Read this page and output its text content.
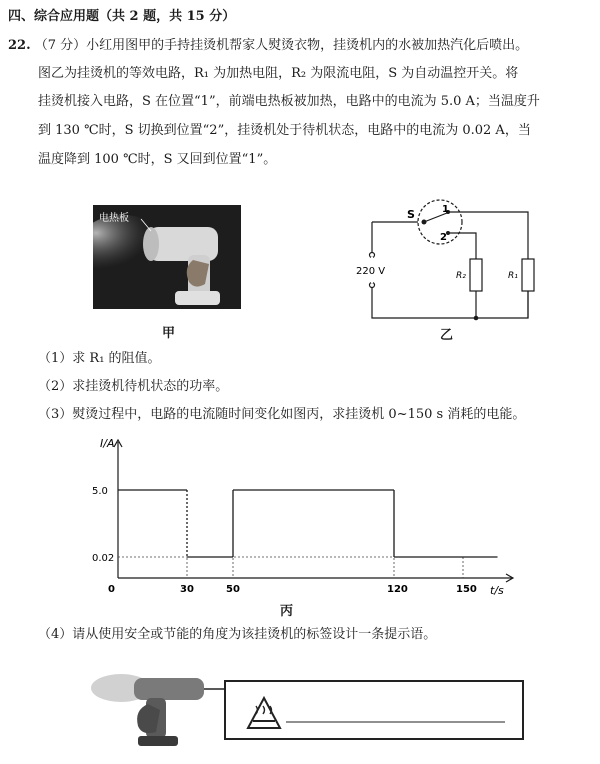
四、综合应用题（共 2 题，共 15 分）
22. （7 分）小红用图甲的手持挂烫机帮家人熨烫衣物，挂烫机内的水被加热汽化后喷出。
图乙为挂烫机的等效电路，R₁ 为加热电阻，R₂ 为限流电阻，S 为自动温控开关。将
挂烫机接入电路，S 在位置“1”，前端电热板被加热，电路中的电流为 5.0 A；当温度升
到 130 ℃时，S 切换到位置“2”，挂烫机处于待机状态，电路中的电流为 0.02 A，当
温度降到 100 ℃时，S 又回到位置“1”。
电热板
甲
S	1
2
220 V	R₂	R₁
乙
（1）求 R₁ 的阻值。
（2）求挂烫机待机状态的功率。
（3）熨烫过程中，电路的电流随时间变化如图丙，求挂烫机 0~150 s 消耗的电能。
I/A
t/s
0.02
5.0
0	30	50	120	150
丙
（4）请从使用安全或节能的角度为该挂烫机的标签设计一条提示语。
